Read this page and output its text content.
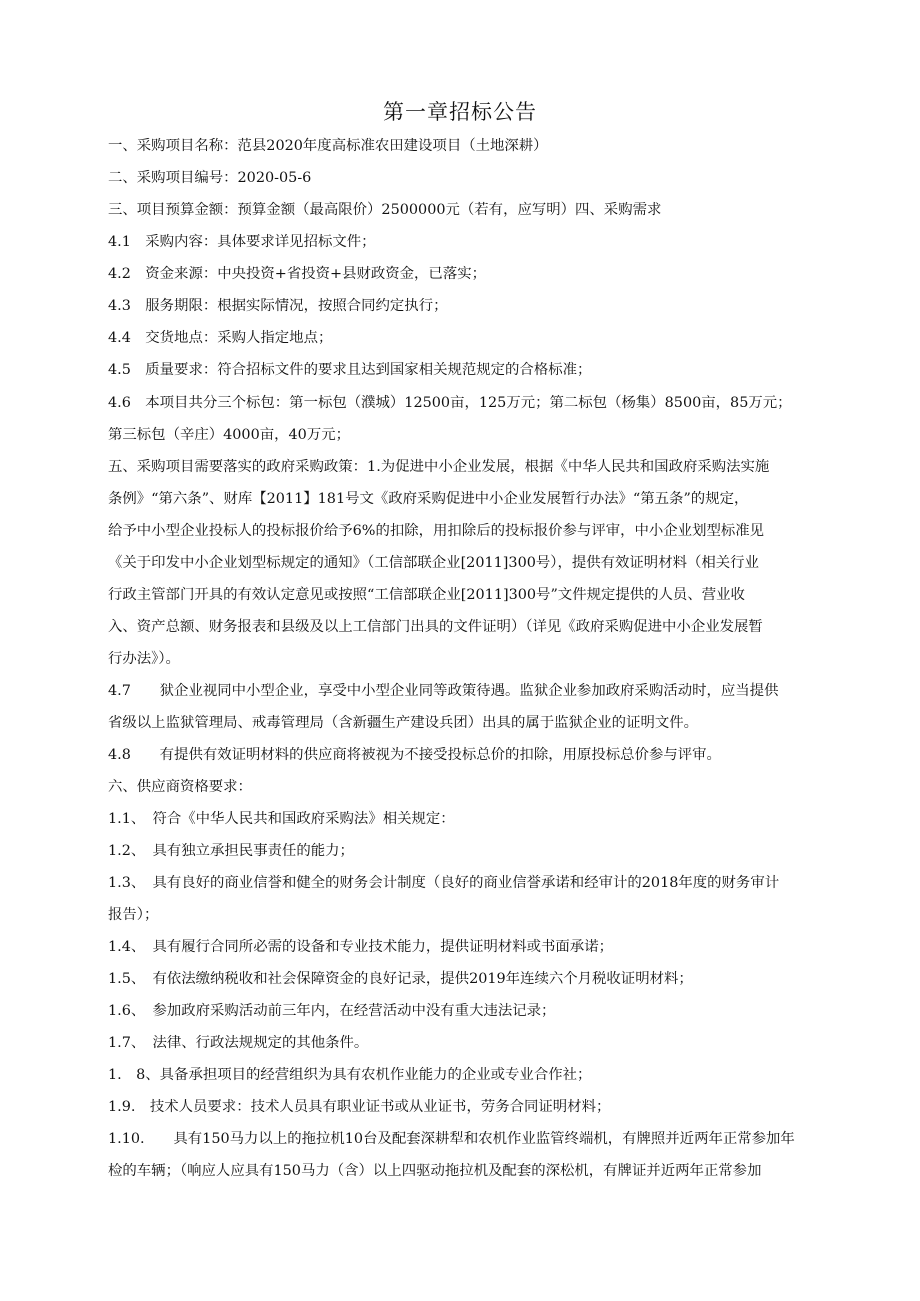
第一章招标公告
一、采购项目名称：范县2020年度高标准农田建设项目（土地深耕）
二、采购项目编号：2020-05-6
三、项目预算金额：预算金额（最高限价）2500000元（若有，应写明）四、采购需求
4.1　采购内容：具体要求详见招标文件；
4.2　资金来源：中央投资+省投资+县财政资金，已落实；
4.3　服务期限：根据实际情况，按照合同约定执行；
4.4　交货地点：采购人指定地点；
4.5　质量要求：符合招标文件的要求且达到国家相关规范规定的合格标准；
4.6　本项目共分三个标包：第一标包（濮城）12500亩，125万元；第二标包（杨集）8500亩，85万元；
第三标包（辛庄）4000亩，40万元；
五、采购项目需要落实的政府采购政策：1.为促进中小企业发展，根据《中华人民共和国政府采购法实施
条例》“第六条”、财库【2011】181号文《政府采购促进中小企业发展暂行办法》“第五条”的规定，
给予中小型企业投标人的投标报价给予6%的扣除，用扣除后的投标报价参与评审，中小企业划型标准见
《关于印发中小企业划型标规定的通知》（工信部联企业[2011]300号），提供有效证明材料（相关行业
行政主管部门开具的有效认定意见或按照“工信部联企业[2011]300号”文件规定提供的人员、营业收
入、资产总额、财务报表和县级及以上工信部门出具的文件证明）（详见《政府采购促进中小企业发展暂
行办法》）。
4.7　　狱企业视同中小型企业，享受中小型企业同等政策待遇。监狱企业参加政府采购活动时，应当提供
省级以上监狱管理局、戒毒管理局（含新疆生产建设兵团）出具的属于监狱企业的证明文件。
4.8　　有提供有效证明材料的供应商将被视为不接受投标总价的扣除，用原投标总价参与评审。
六、供应商资格要求：
1.1、　符合《中华人民共和国政府采购法》相关规定：
1.2、　具有独立承担民事责任的能力；
1.3、　具有良好的商业信誉和健全的财务会计制度（良好的商业信誉承诺和经审计的2018年度的财务审计
报告）；
1.4、　具有履行合同所必需的设备和专业技术能力，提供证明材料或书面承诺；
1.5、　有依法缴纳税收和社会保障资金的良好记录，提供2019年连续六个月税收证明材料；
1.6、　参加政府采购活动前三年内，在经营活动中没有重大违法记录；
1.7、　法律、行政法规规定的其他条件。
1.　8、具备承担项目的经营组织为具有农机作业能力的企业或专业合作社；
1.9.　技术人员要求：技术人员具有职业证书或从业证书，劳务合同证明材料；
1.10.　　具有150马力以上的拖拉机10台及配套深耕犁和农机作业监管终端机，有牌照并近两年正常参加年
检的车辆；（响应人应具有150马力（含）以上四驱动拖拉机及配套的深松机，有牌证并近两年正常参加
